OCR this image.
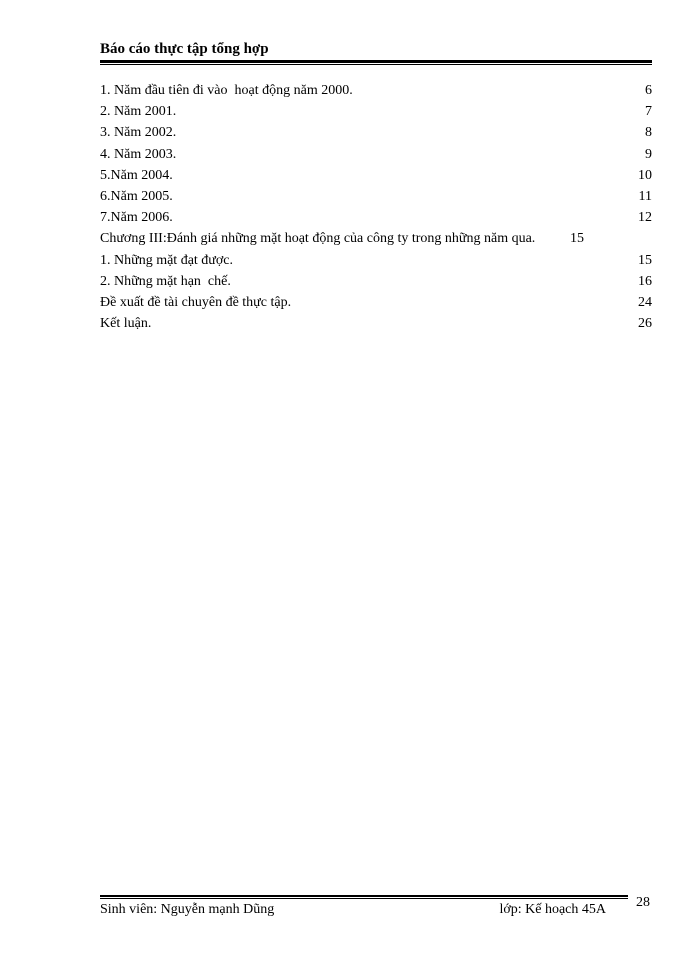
Báo cáo thực tập tổng hợp
1. Năm đầu tiên đi vào  hoạt động năm 2000.	6
2. Năm 2001.	7
3. Năm 2002.	8
4. Năm 2003.	9
5.Năm 2004.	10
6.Năm 2005.	11
7.Năm 2006.	12
Chương III:Đánh giá những mặt hoạt động của công ty trong những năm qua.	15
1. Những mặt đạt được.	15
2. Những mặt hạn  chế.	16
Đề xuất đề tài chuyên đề thực tập.	24
Kết luận.	26
Sinh viên: Nguyễn mạnh Dũng	lớp: Kế hoạch 45A	28
